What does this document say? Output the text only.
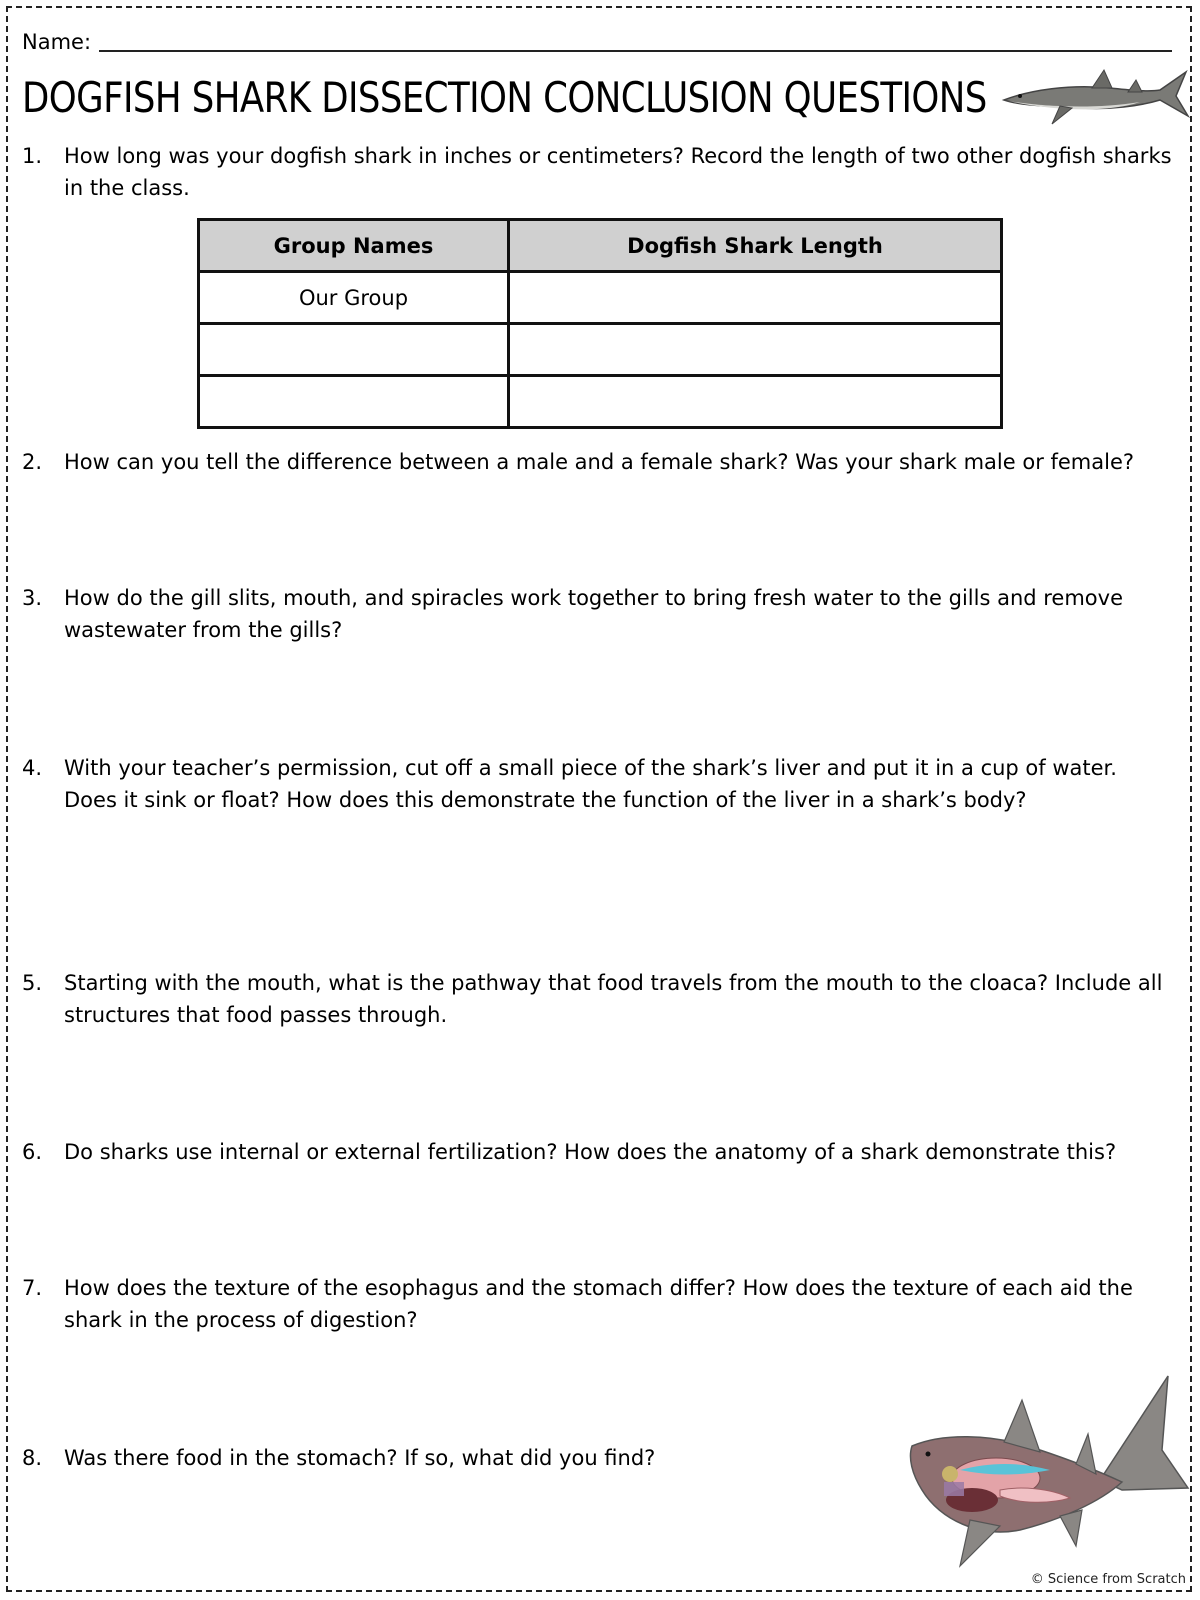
Name:
DOGFISH SHARK DISSECTION CONCLUSION QUESTIONS
1.	How long was your dogfish shark in inches or centimeters? Record the length of two other dogfish sharks in the class.
Group Names	Dogfish Shark Length
Our Group	

2.	How can you tell the difference between a male and a female shark? Was your shark male or female?
3.	How do the gill slits, mouth, and spiracles work together to bring fresh water to the gills and remove wastewater from the gills?
4.	With your teacher’s permission, cut off a small piece of the shark’s liver and put it in a cup of water. Does it sink or float? How does this demonstrate the function of the liver in a shark’s body?
5.	Starting with the mouth, what is the pathway that food travels from the mouth to the cloaca? Include all structures that food passes through.
6.	Do sharks use internal or external fertilization? How does the anatomy of a shark demonstrate this?
7.	How does the texture of the esophagus and the stomach differ? How does the texture of each aid the shark in the process of digestion?
8.	Was there food in the stomach? If so, what did you find?
© Science from Scratch
